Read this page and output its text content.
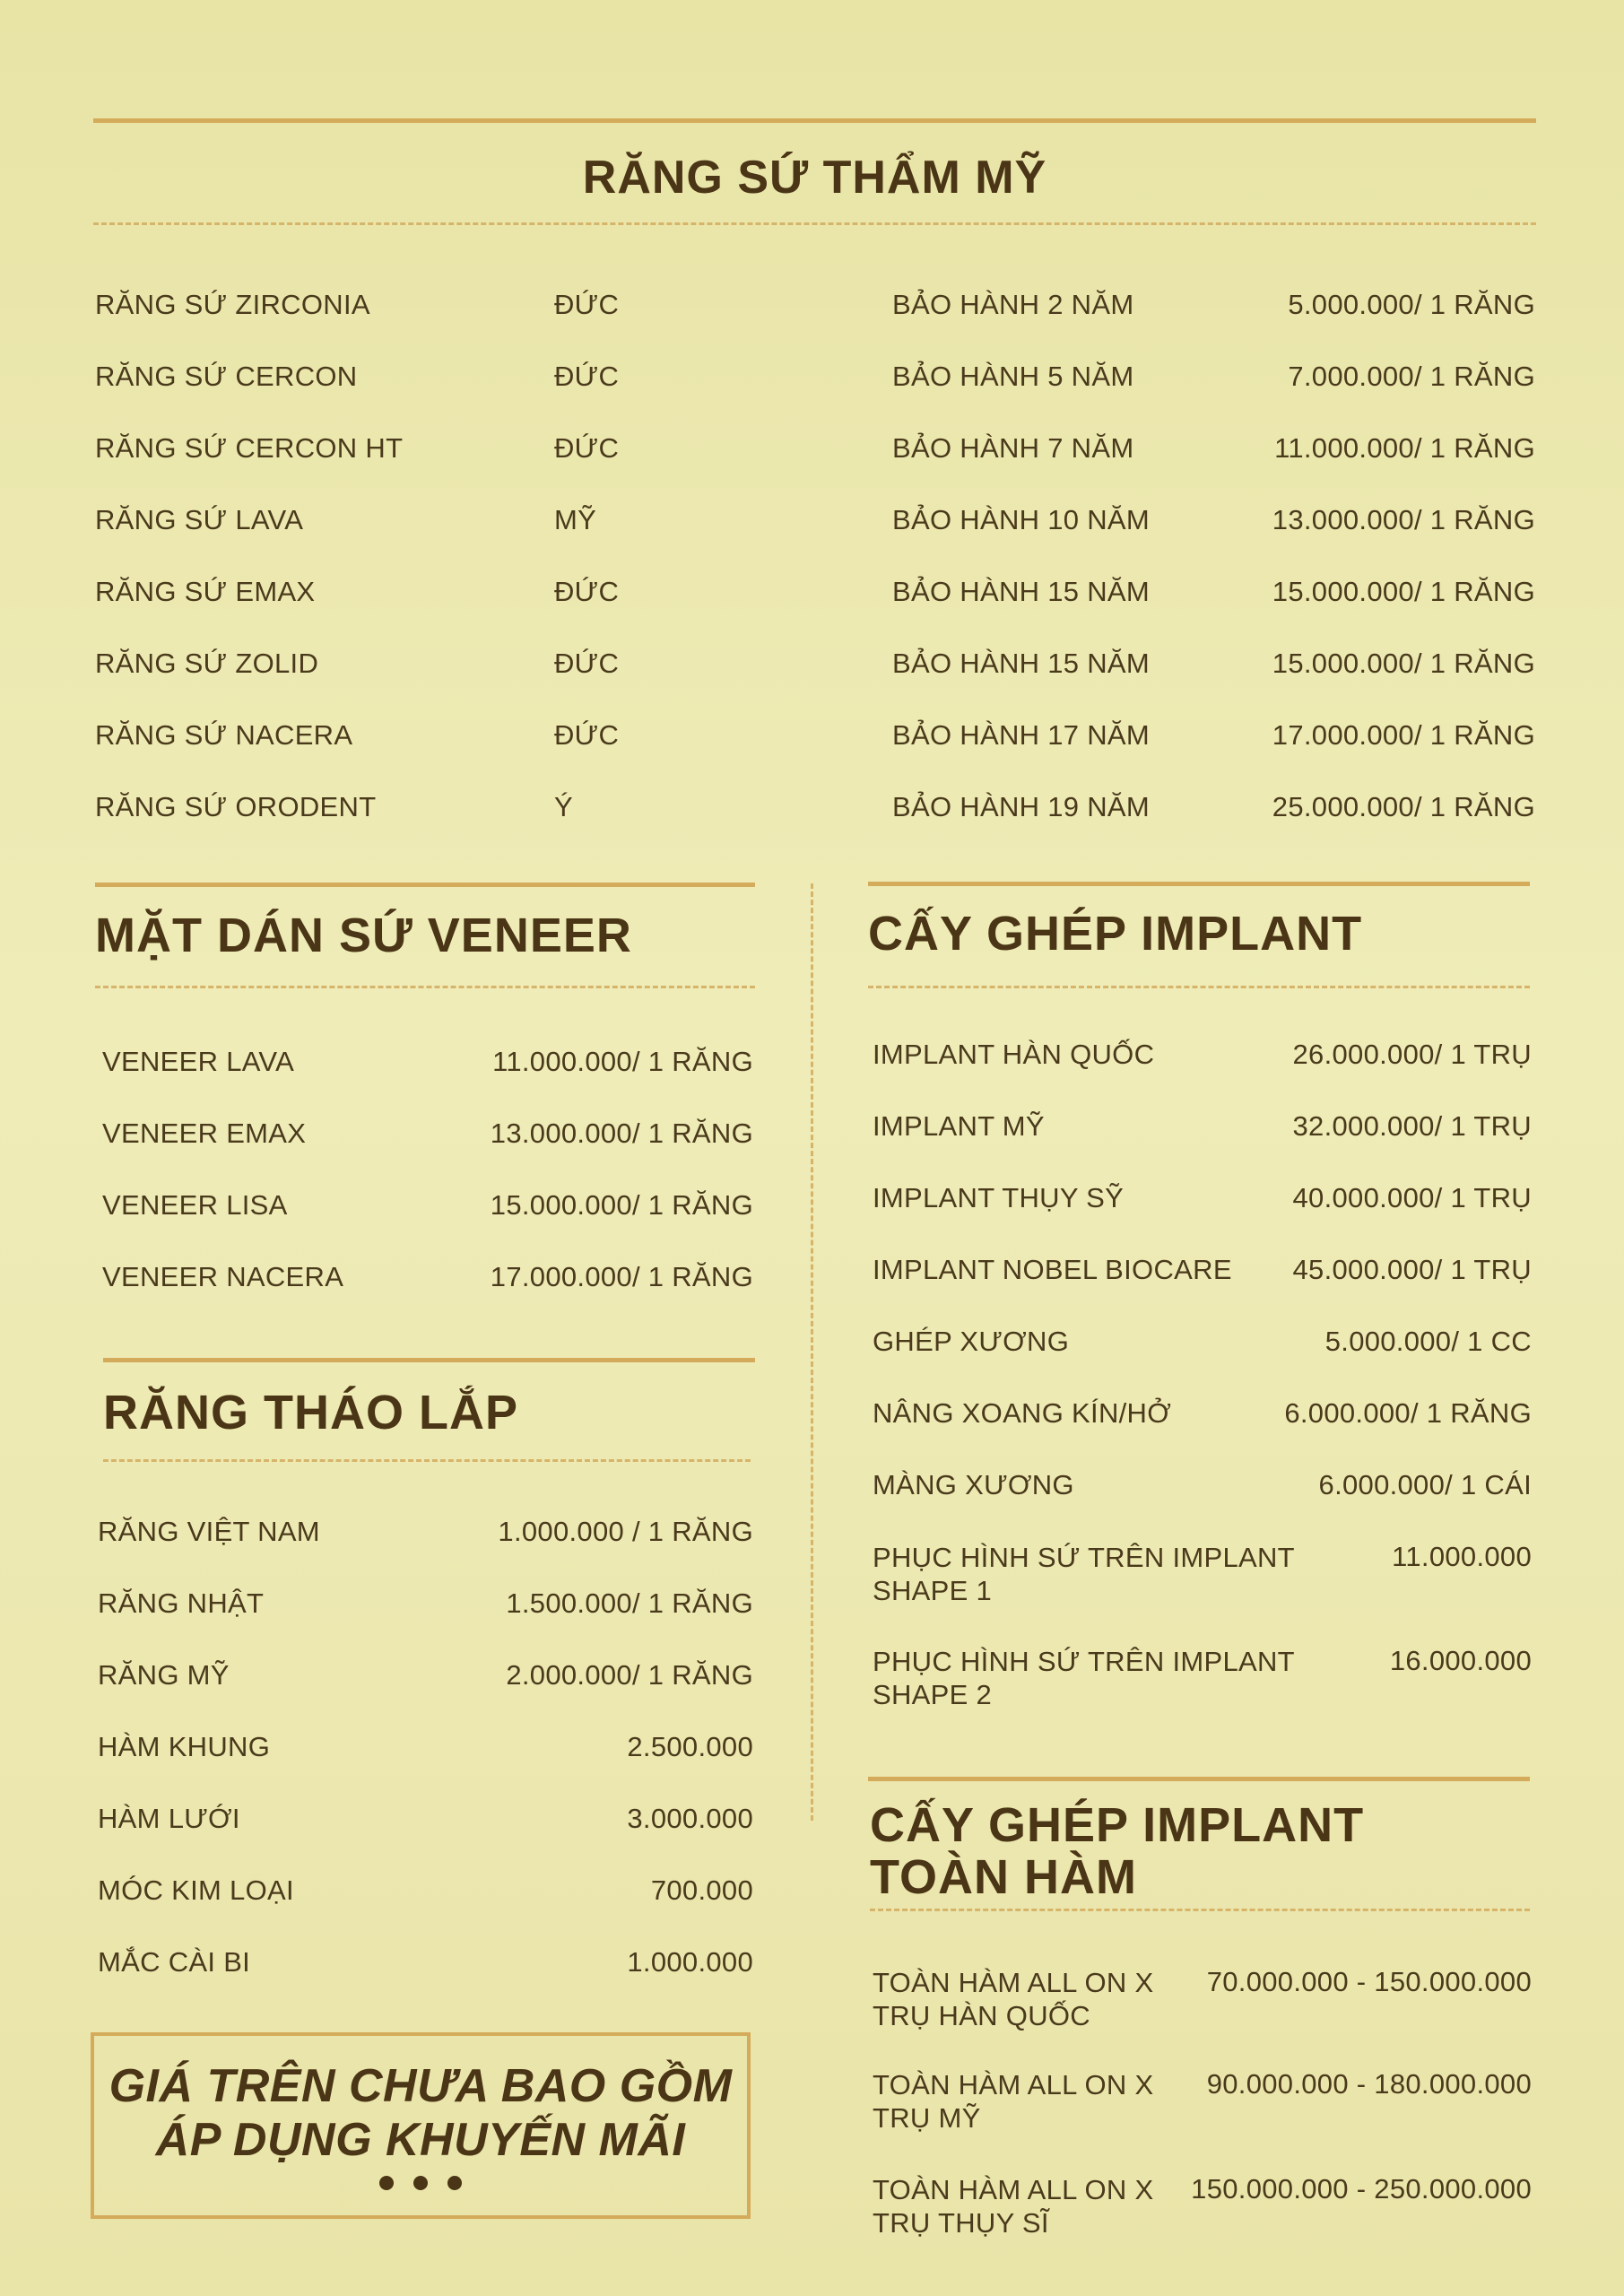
RĂNG SỨ THẨM MỸ
RĂNG SỨ ZIRCONIA	ĐỨC	BẢO HÀNH 2 NĂM	5.000.000/ 1 RĂNG
RĂNG SỨ CERCON	ĐỨC	BẢO HÀNH 5 NĂM	7.000.000/ 1 RĂNG
RĂNG SỨ CERCON HT	ĐỨC	BẢO HÀNH 7 NĂM	11.000.000/ 1 RĂNG
RĂNG SỨ LAVA	MỸ	BẢO HÀNH 10 NĂM	13.000.000/ 1 RĂNG
RĂNG SỨ EMAX	ĐỨC	BẢO HÀNH 15 NĂM	15.000.000/ 1 RĂNG
RĂNG SỨ ZOLID	ĐỨC	BẢO HÀNH 15 NĂM	15.000.000/ 1 RĂNG
RĂNG SỨ NACERA	ĐỨC	BẢO HÀNH 17 NĂM	17.000.000/ 1 RĂNG
RĂNG SỨ ORODENT	Ý	BẢO HÀNH 19 NĂM	25.000.000/ 1 RĂNG
MẶT DÁN SỨ VENEER
VENEER LAVA	11.000.000/ 1 RĂNG
VENEER EMAX	13.000.000/ 1 RĂNG
VENEER LISA	15.000.000/ 1 RĂNG
VENEER NACERA	17.000.000/ 1 RĂNG
RĂNG THÁO LẮP
RĂNG VIỆT NAM	1.000.000 / 1 RĂNG
RĂNG NHẬT	1.500.000/ 1 RĂNG
RĂNG MỸ	2.000.000/ 1 RĂNG
HÀM KHUNG	2.500.000
HÀM LƯỚI	3.000.000
MÓC KIM LOẠI	700.000
MẮC CÀI BI	1.000.000
GIÁ TRÊN CHƯA BAO GỒM
ÁP DỤNG KHUYẾN MÃI
CẤY GHÉP IMPLANT
IMPLANT HÀN QUỐC	26.000.000/ 1 TRỤ
IMPLANT MỸ	32.000.000/ 1 TRỤ
IMPLANT THỤY SỸ	40.000.000/ 1 TRỤ
IMPLANT NOBEL BIOCARE 45.000.000/ 1 TRỤ
GHÉP XƯƠNG	5.000.000/ 1 CC
NÂNG XOANG KÍN/HỞ	6.000.000/ 1 RĂNG
MÀNG XƯƠNG	6.000.000/ 1 CÁI
PHỤC HÌNH SỨ TRÊN IMPLANT
SHAPE 1
11.000.000
PHỤC HÌNH SỨ TRÊN IMPLANT
SHAPE 2
16.000.000
CẤY GHÉP IMPLANT
TOÀN HÀM
TOÀN HÀM ALL ON X
TRỤ HÀN QUỐC
70.000.000 - 150.000.000
TOÀN HÀM ALL ON X
TRỤ MỸ
90.000.000 - 180.000.000
TOÀN HÀM ALL ON X
TRỤ THỤY SĨ
150.000.000 - 250.000.000
